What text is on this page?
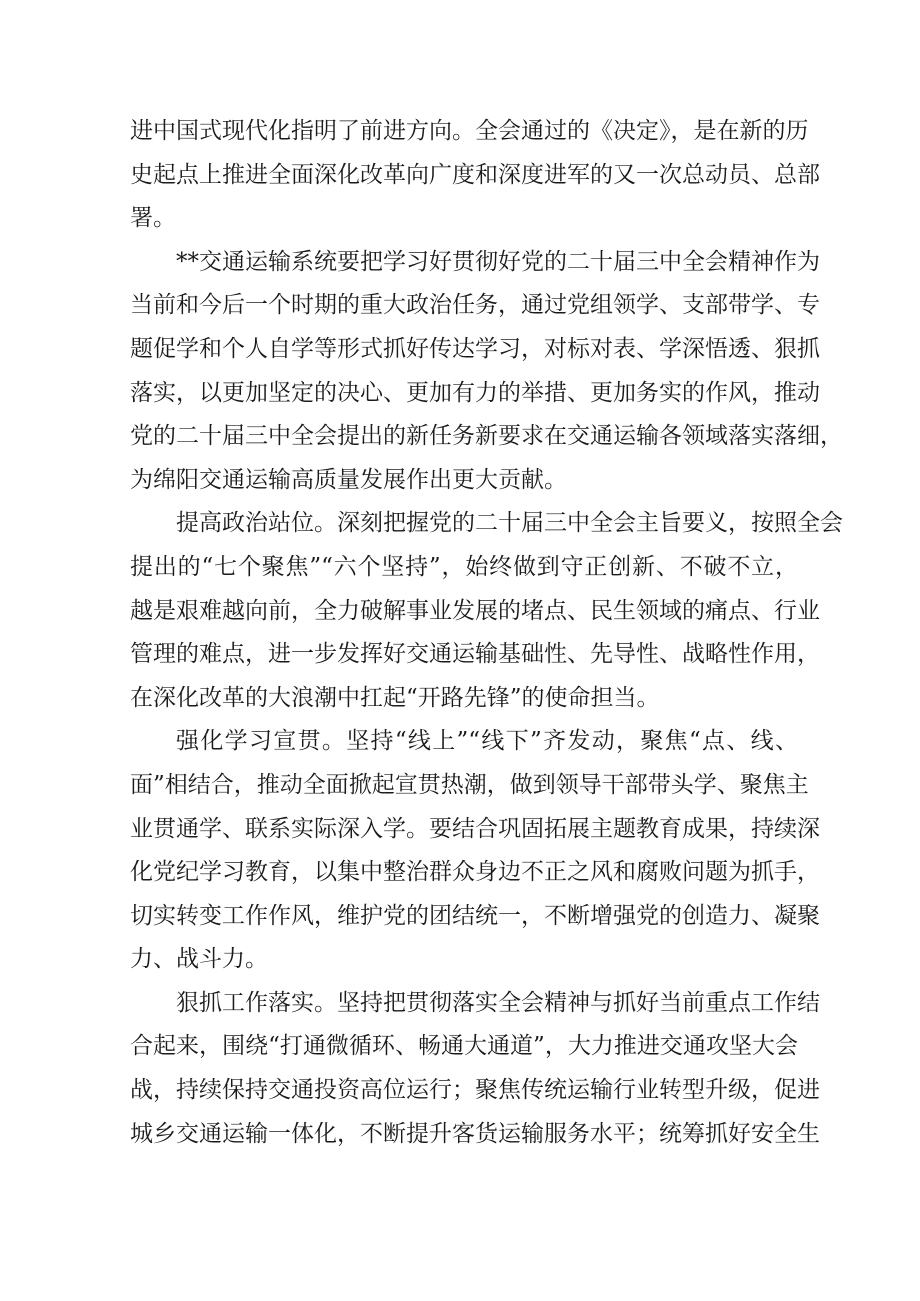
进中国式现代化指明了前进方向。全会通过的《决定》，是在新的历
史起点上推进全面深化改革向广度和深度进军的又一次总动员、总部
署。
**交通运输系统要把学习好贯彻好党的二十届三中全会精神作为
当前和今后一个时期的重大政治任务，通过党组领学、支部带学、专
题促学和个人自学等形式抓好传达学习，对标对表、学深悟透、狠抓
落实，以更加坚定的决心、更加有力的举措、更加务实的作风，推动
党的二十届三中全会提出的新任务新要求在交通运输各领域落实落细，
为绵阳交通运输高质量发展作出更大贡献。
提高政治站位。深刻把握党的二十届三中全会主旨要义，按照全会
提出的“七个聚焦”“六个坚持”，始终做到守正创新、不破不立，
越是艰难越向前，全力破解事业发展的堵点、民生领域的痛点、行业
管理的难点，进一步发挥好交通运输基础性、先导性、战略性作用，
在深化改革的大浪潮中扛起“开路先锋”的使命担当。
强化学习宣贯。坚持“线上”“线下”齐发动，聚焦“点、线、
面”相结合，推动全面掀起宣贯热潮，做到领导干部带头学、聚焦主
业贯通学、联系实际深入学。要结合巩固拓展主题教育成果，持续深
化党纪学习教育，以集中整治群众身边不正之风和腐败问题为抓手，
切实转变工作作风，维护党的团结统一，不断增强党的创造力、凝聚
力、战斗力。
狠抓工作落实。坚持把贯彻落实全会精神与抓好当前重点工作结
合起来，围绕“打通微循环、畅通大通道”，大力推进交通攻坚大会
战，持续保持交通投资高位运行；聚焦传统运输行业转型升级，促进
城乡交通运输一体化，不断提升客货运输服务水平；统筹抓好安全生
